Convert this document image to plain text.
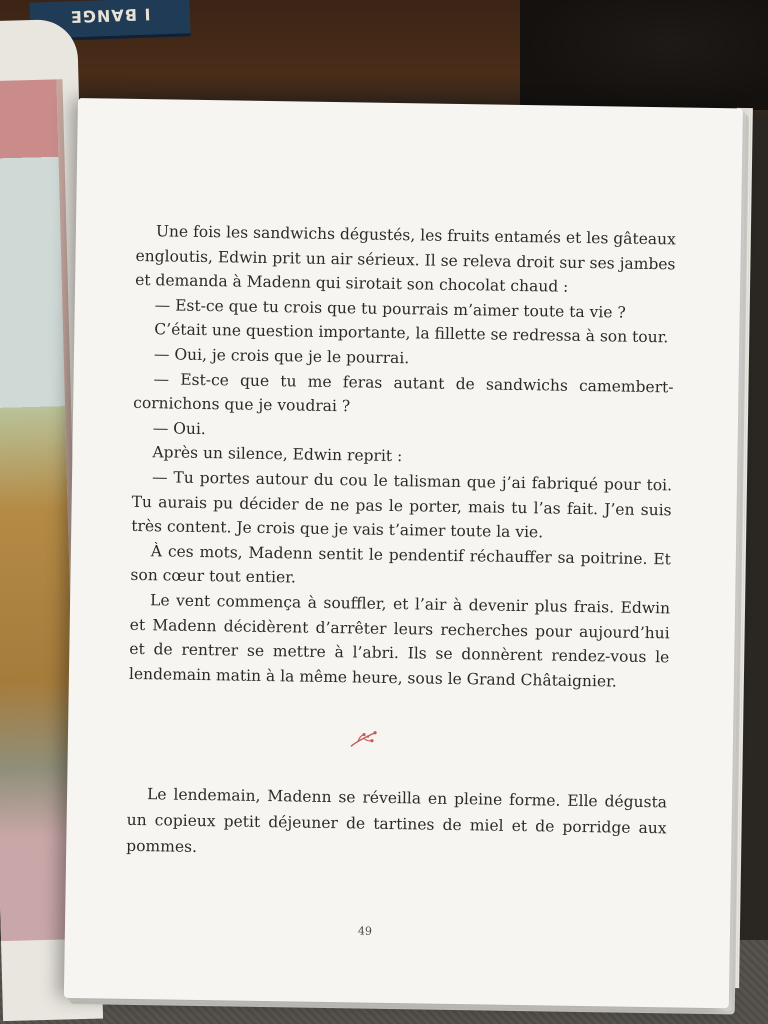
I BANGE

Une fois les sandwichs dégustés, les fruits entamés et les gâteaux engloutis, Edwin prit un air sérieux. Il se releva droit sur ses jambes et demanda à Madenn qui sirotait son chocolat chaud :

— Est-ce que tu crois que tu pourrais m’aimer toute ta vie ?

C’était une question importante, la fillette se redressa à son tour.

— Oui, je crois que je le pourrai.

— Est-ce que tu me feras autant de sandwichs camembert-cornichons que je voudrai ?

— Oui.

Après un silence, Edwin reprit :

— Tu portes autour du cou le talisman que j’ai fabriqué pour toi. Tu aurais pu décider de ne pas le porter, mais tu l’as fait. J’en suis très content. Je crois que je vais t’aimer toute la vie.

À ces mots, Madenn sentit le pendentif réchauffer sa poitrine. Et son cœur tout entier.

Le vent commença à souffler, et l’air à devenir plus frais. Edwin et Madenn décidèrent d’arrêter leurs recherches pour aujourd’hui et de rentrer se mettre à l’abri. Ils se donnèrent rendez-vous le lendemain matin à la même heure, sous le Grand Châtaignier.

Le lendemain, Madenn se réveilla en pleine forme. Elle dégusta un copieux petit déjeuner de tartines de miel et de porridge aux pommes.

49
